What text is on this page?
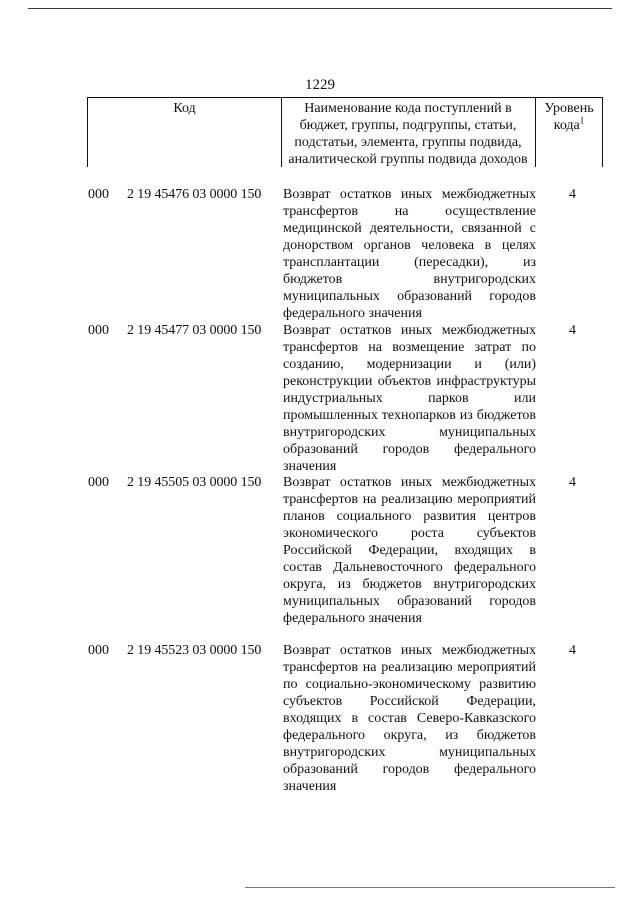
1229
Код	Наименование кода поступлений в бюджет, группы, подгруппы, статьи, подстатьи, элемента, группы подвида, аналитической группы подвида доходов
Уровень кода$^1$
000 2 19 45476 03 0000 150 Возврат остатков иных межбюджетных трансфертов на осуществление медицинской деятельности, связанной с донорством органов человека в целях трансплантации (пересадки), из бюджетов внутригородских муниципальных образований городов федерального значения
4
000 2 19 45477 03 0000 150 Возврат остатков иных межбюджетных трансфертов на возмещение затрат по созданию, модернизации и (или) реконструкции объектов инфраструктуры индустриальных парков или промышленных технопарков из бюджетов внутригородских муниципальных образований городов федерального значения
4
000 2 19 45505 03 0000 150 Возврат остатков иных межбюджетных трансфертов на реализацию мероприятий планов социального развития центров экономического роста субъектов Российской Федерации, входящих в состав Дальневосточного федерального округа, из бюджетов внутригородских муниципальных образований городов федерального значения
4
000 2 19 45523 03 0000 150 Возврат остатков иных межбюджетных трансфертов на реализацию мероприятий по социально-экономическому развитию субъектов Российской Федерации, входящих в состав Северо-Кавказского федерального округа, из бюджетов внутригородских муниципальных образований городов федерального значения
4
